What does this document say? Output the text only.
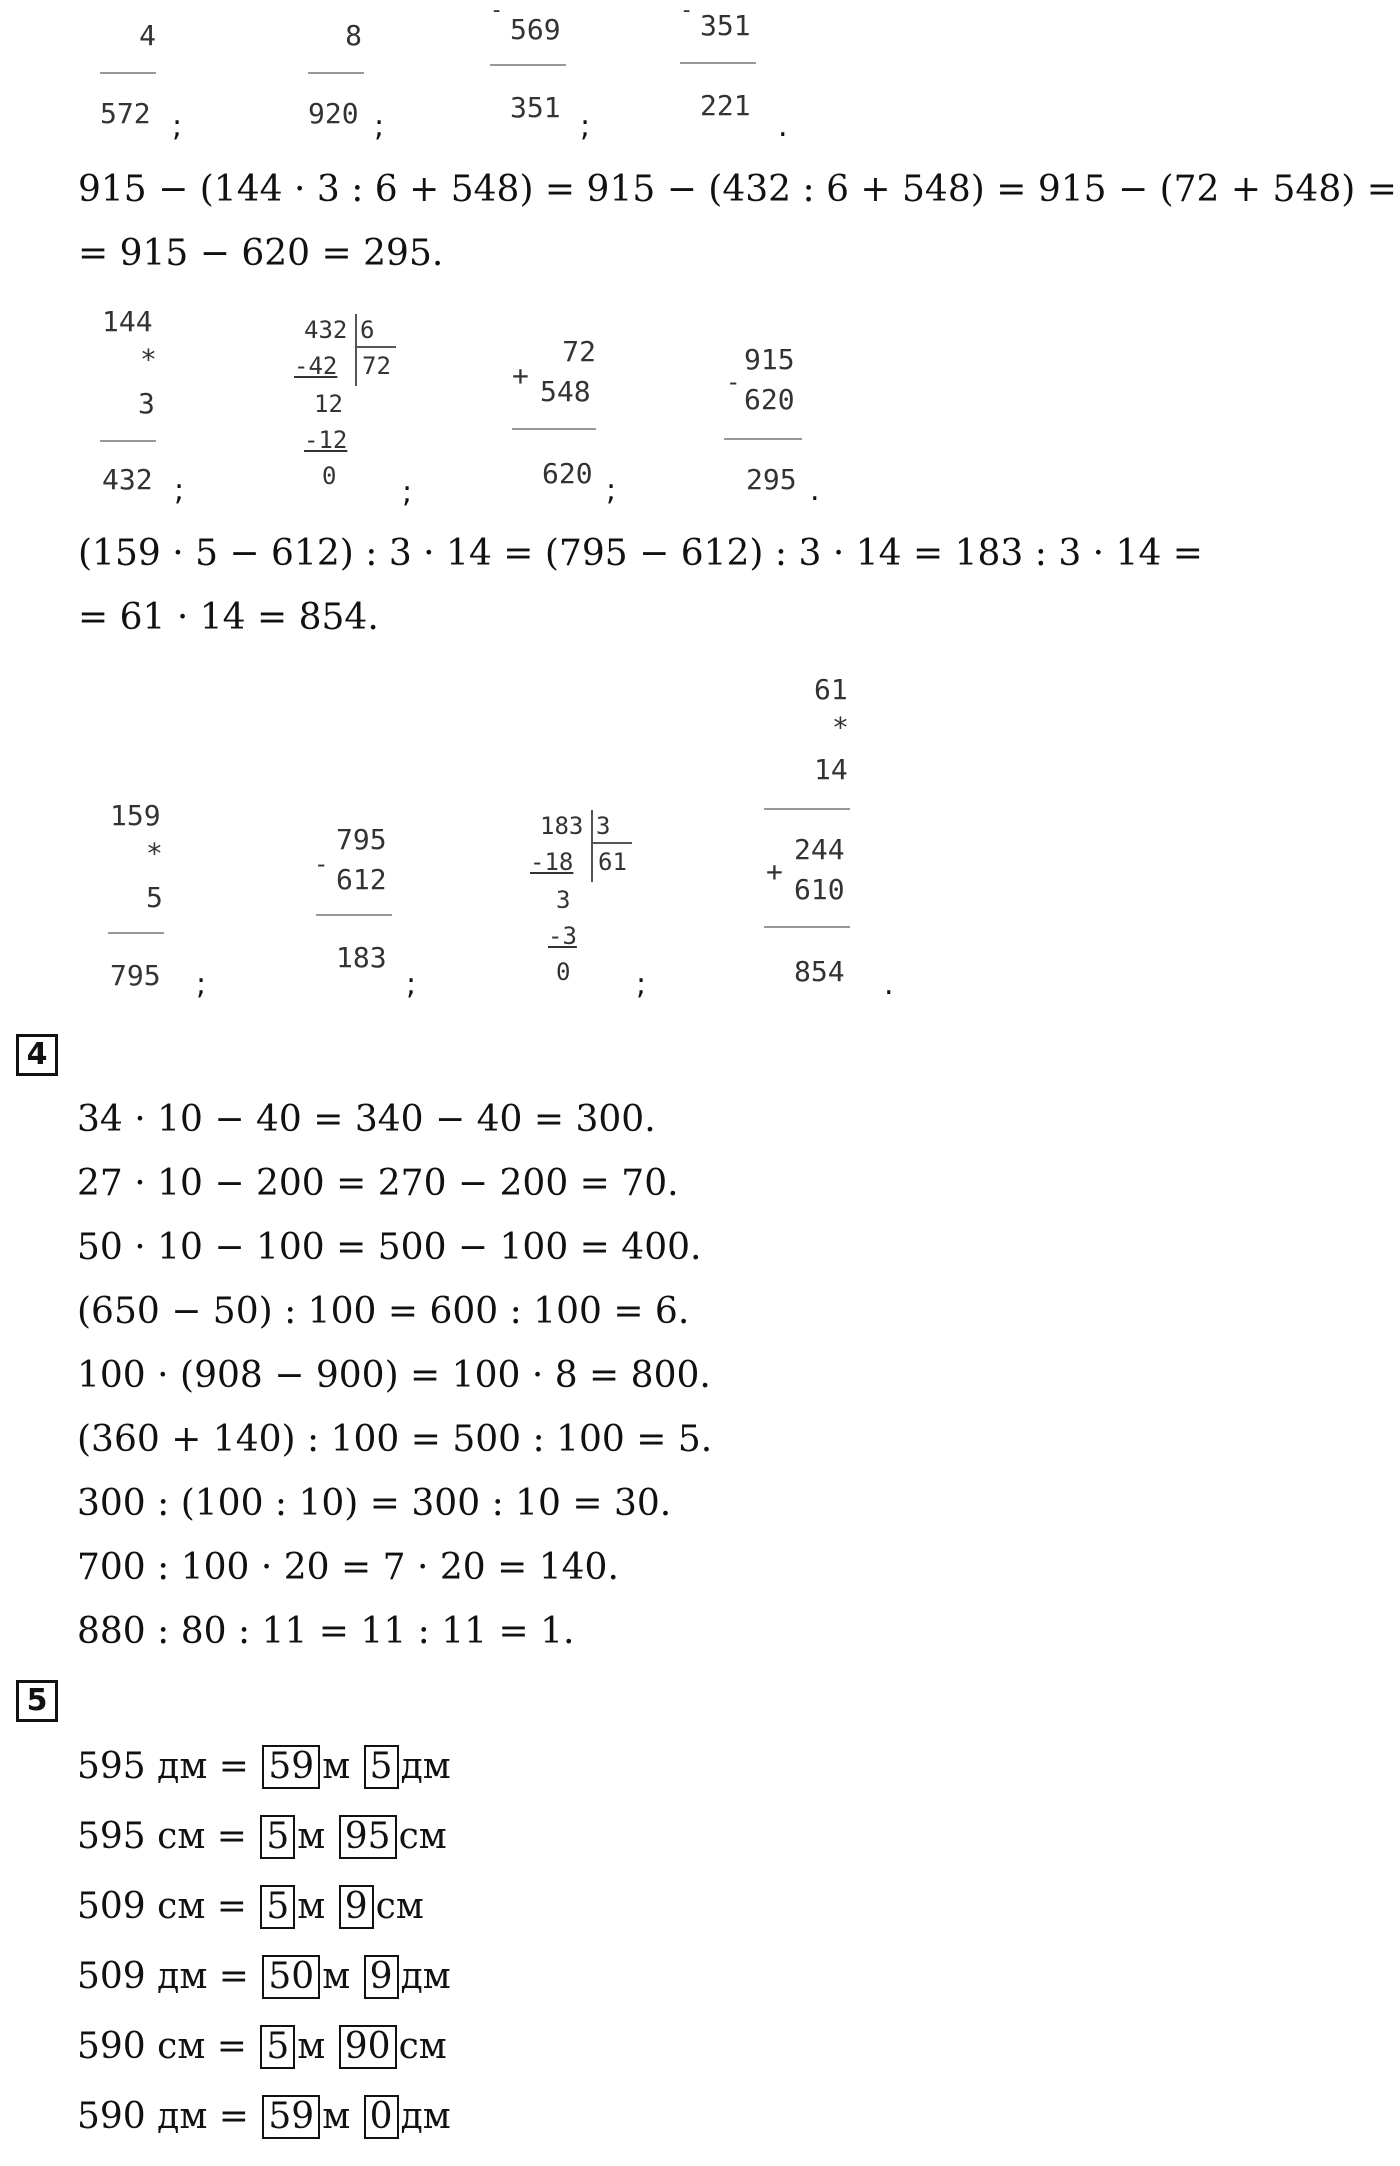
4
572 ;
8
920 ;
-
569
351
;
- 351
221
.
915 − (144 · 3 : 6 + 548) = 915 − (432 : 6 + 548) = 915 − (72 + 548) =
= 915 − 620 = 295.
144
*
3
432 ;
432 6
-42 72
12
-12
0 ;
+
72
548
620 ;
-
915
620
295 .
(159 · 5 − 612) : 3 · 14 = (795 − 612) : 3 · 14 = 183 : 3 · 14 =
= 61 · 14 = 854.
159
*
5
795 ;
-
795
612
183
;
183 3
-18 61
3
-3
0 ;
61
*
14
+
244
610
854 .
4
34 · 10 − 40 = 340 − 40 = 300.
27 · 10 − 200 = 270 − 200 = 70.
50 · 10 − 100 = 500 − 100 = 400.
(650 − 50) : 100 = 600 : 100 = 6.
100 · (908 − 900) = 100 · 8 = 800.
(360 + 140) : 100 = 500 : 100 = 5.
300 : (100 : 10) = 300 : 10 = 30.
700 : 100 · 20 = 7 · 20 = 140.
880 : 80 : 11 = 11 : 11 = 1.
5
595 дм = 59 м 5 дм
595 см = 5 м 95 см
509 см = 5 м 9 см
509 дм = 50 м 9 дм
590 см = 5 м 90 см
590 дм = 59 м 0 дм
